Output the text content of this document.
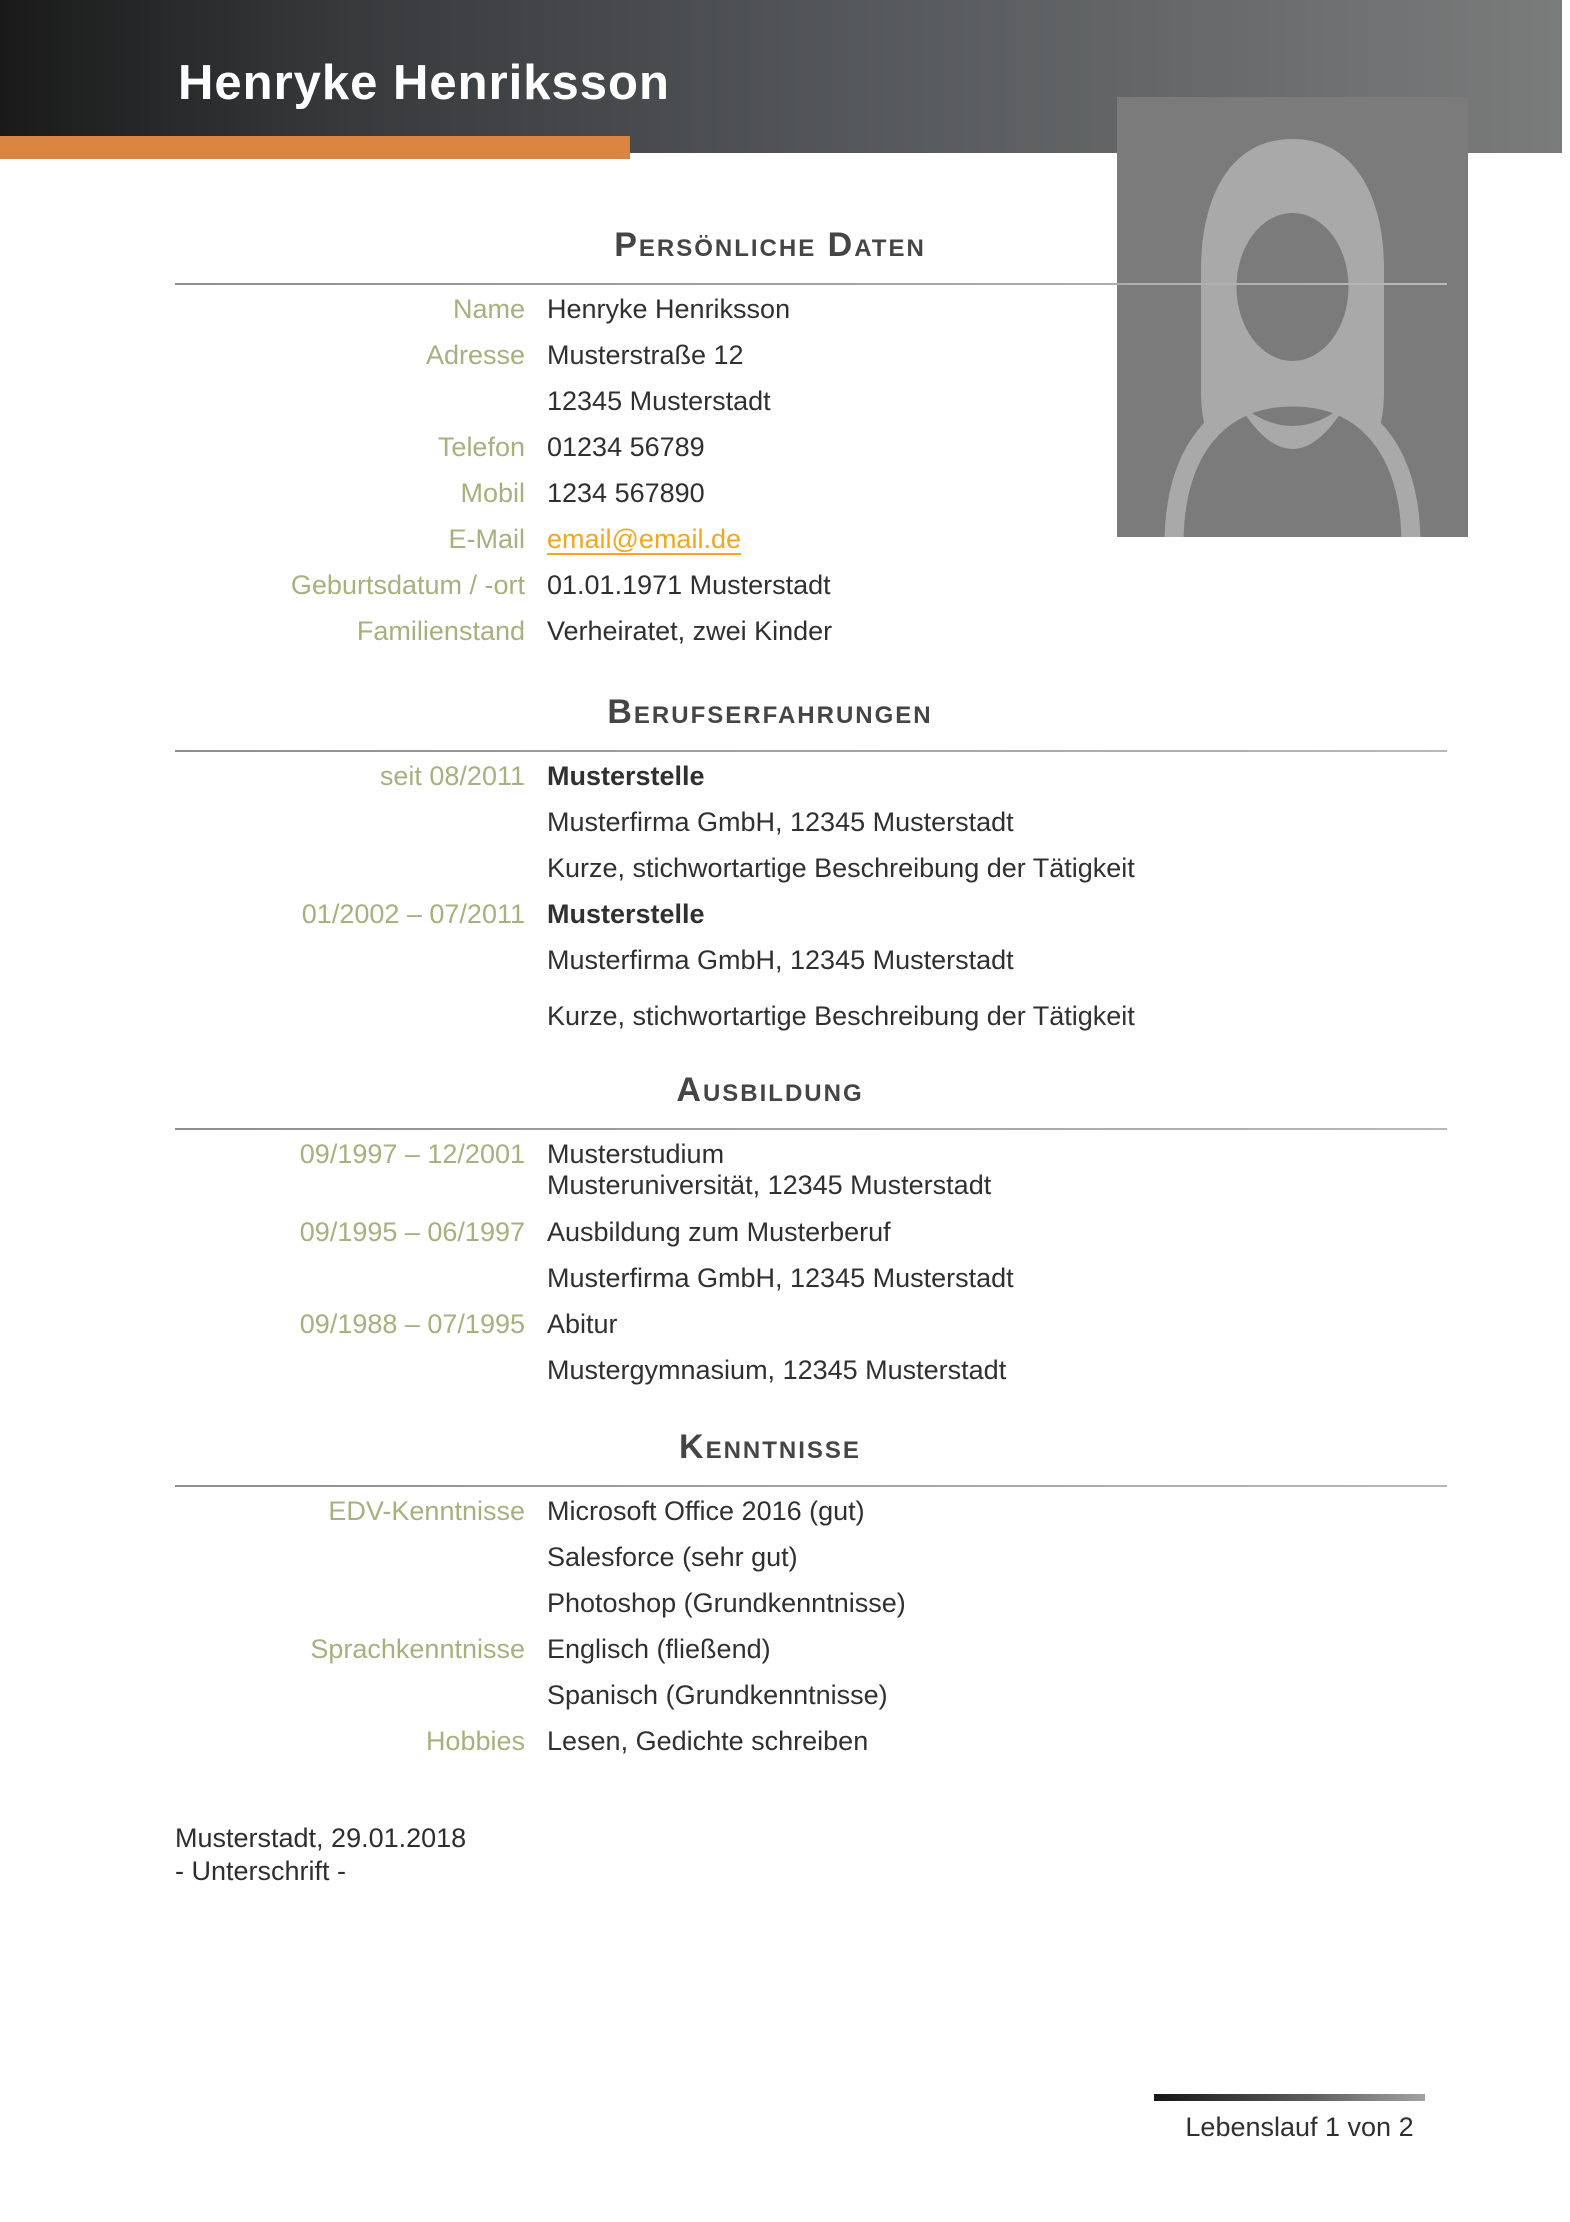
Henryke Henriksson
Persönliche Daten
Name Henryke Henriksson
Adresse Musterstraße 12
12345 Musterstadt
Telefon 01234 56789
Mobil 1234 567890
E-Mail email@email.de
Geburtsdatum / -ort 01.01.1971 Musterstadt
Familienstand Verheiratet, zwei Kinder
Berufserfahrungen
seit 08/2011 Musterstelle
Musterfirma GmbH, 12345 Musterstadt
Kurze, stichwortartige Beschreibung der Tätigkeit
01/2002 – 07/2011 Musterstelle
Musterfirma GmbH, 12345 Musterstadt
Kurze, stichwortartige Beschreibung der Tätigkeit
Ausbildung
09/1997 – 12/2001 Musterstudium
Musteruniversität, 12345 Musterstadt
09/1995 – 06/1997 Ausbildung zum Musterberuf
Musterfirma GmbH, 12345 Musterstadt
09/1988 – 07/1995 Abitur
Mustergymnasium, 12345 Musterstadt
Kenntnisse
EDV-Kenntnisse Microsoft Office 2016 (gut)
Salesforce (sehr gut)
Photoshop (Grundkenntnisse)
Sprachkenntnisse Englisch (fließend)
Spanisch (Grundkenntnisse)
Hobbies Lesen, Gedichte schreiben
Musterstadt, 29.01.2018
- Unterschrift -
Lebenslauf 1 von 2
